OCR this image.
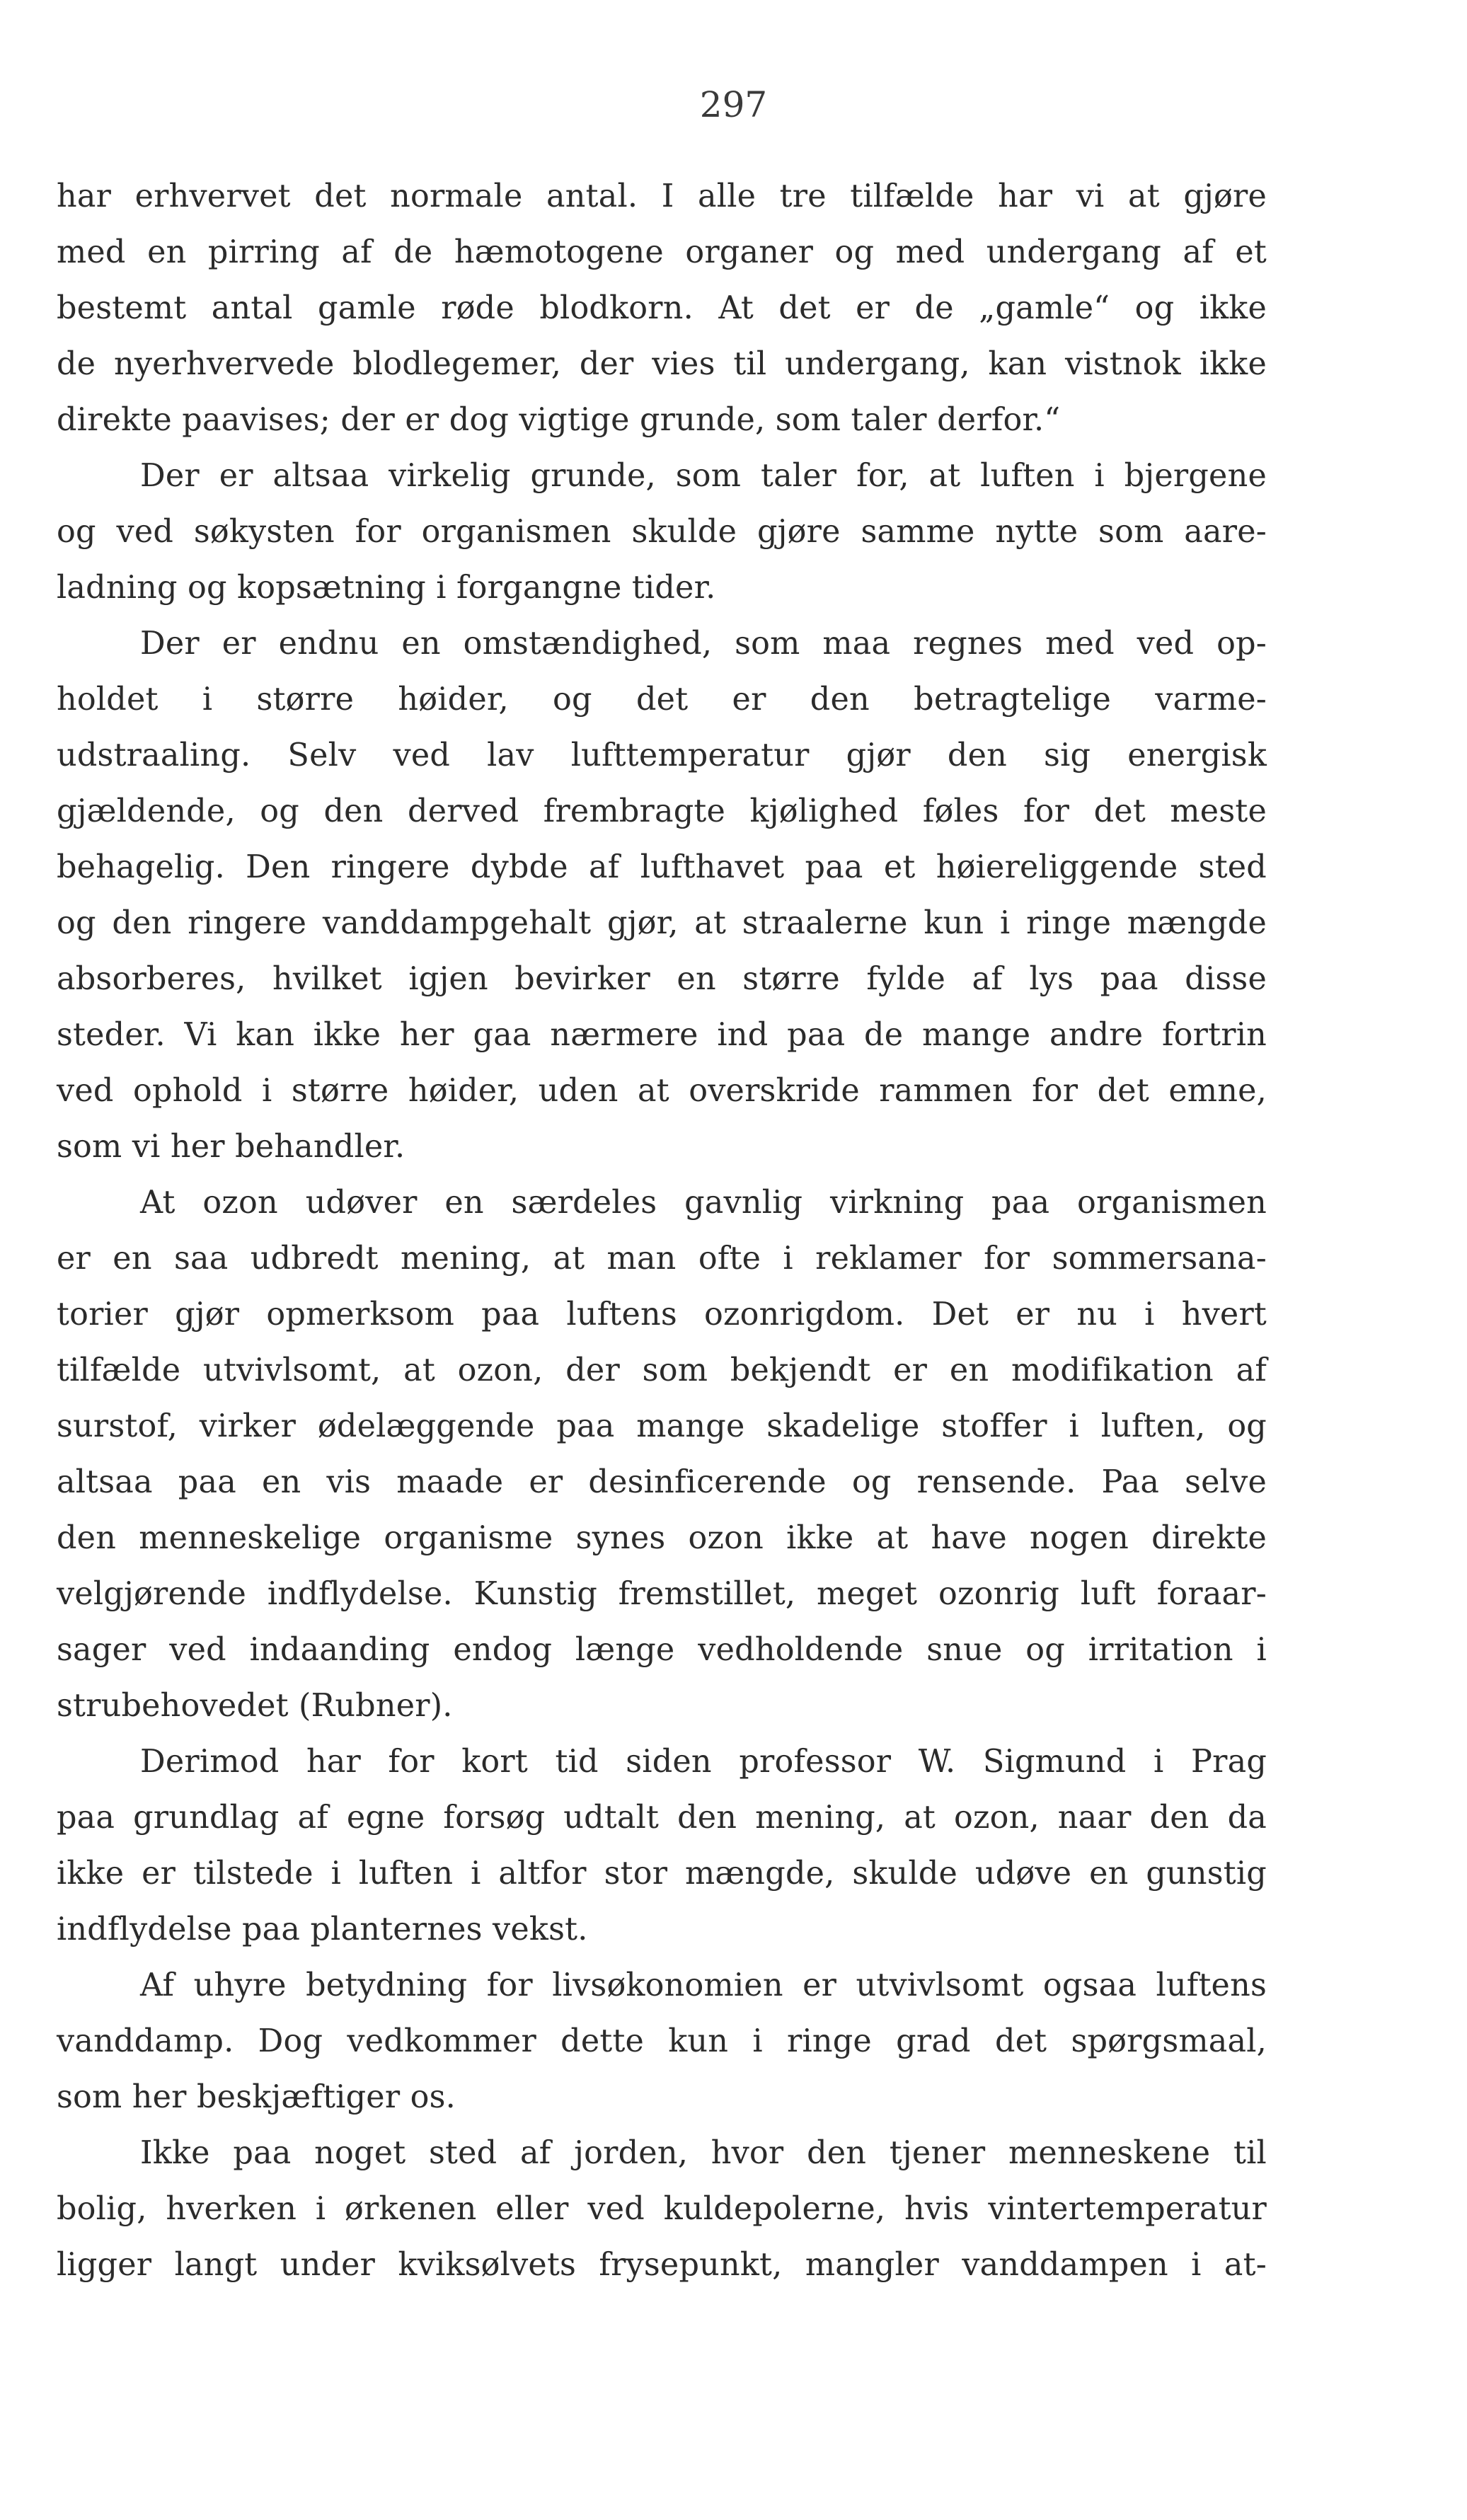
297
har erhvervet det normale antal. I alle tre tilfælde har vi at gjøre
med en pirring af de hæmotogene organer og med undergang af et
bestemt antal gamle røde blodkorn. At det er de „gamle“ og ikke
de nyerhvervede blodlegemer, der vies til undergang, kan vistnok ikke
direkte paavises; der er dog vigtige grunde, som taler derfor.“
Der er altsaa virkelig grunde, som taler for, at luften i bjergene
og ved søkysten for organismen skulde gjøre samme nytte som aare-
ladning og kopsætning i forgangne tider.
Der er endnu en omstændighed, som maa regnes med ved op-
holdet i større høider, og det er den betragtelige varme-
udstraaling. Selv ved lav lufttemperatur gjør den sig energisk
gjældende, og den derved frembragte kjølighed føles for det meste
behagelig. Den ringere dybde af lufthavet paa et høiereliggende sted
og den ringere vanddampgehalt gjør, at straalerne kun i ringe mængde
absorberes, hvilket igjen bevirker en større fylde af lys paa disse
steder. Vi kan ikke her gaa nærmere ind paa de mange andre fortrin
ved ophold i større høider, uden at overskride rammen for det emne,
som vi her behandler.
At ozon udøver en særdeles gavnlig virkning paa organismen
er en saa udbredt mening, at man ofte i reklamer for sommersana-
torier gjør opmerksom paa luftens ozonrigdom. Det er nu i hvert
tilfælde utvivlsomt, at ozon, der som bekjendt er en modifikation af
surstof, virker ødelæggende paa mange skadelige stoffer i luften, og
altsaa paa en vis maade er desinficerende og rensende. Paa selve
den menneskelige organisme synes ozon ikke at have nogen direkte
velgjørende indflydelse. Kunstig fremstillet, meget ozonrig luft foraar-
sager ved indaanding endog længe vedholdende snue og irritation i
strubehovedet (Rubner).
Derimod har for kort tid siden professor W. Sigmund i Prag
paa grundlag af egne forsøg udtalt den mening, at ozon, naar den da
ikke er tilstede i luften i altfor stor mængde, skulde udøve en gunstig
indflydelse paa planternes vekst.
Af uhyre betydning for livsøkonomien er utvivlsomt ogsaa luftens
vanddamp. Dog vedkommer dette kun i ringe grad det spørgsmaal,
som her beskjæftiger os.
Ikke paa noget sted af jorden, hvor den tjener menneskene til
bolig, hverken i ørkenen eller ved kuldepolerne, hvis vintertemperatur
ligger langt under kviksølvets frysepunkt, mangler vanddampen i at-
